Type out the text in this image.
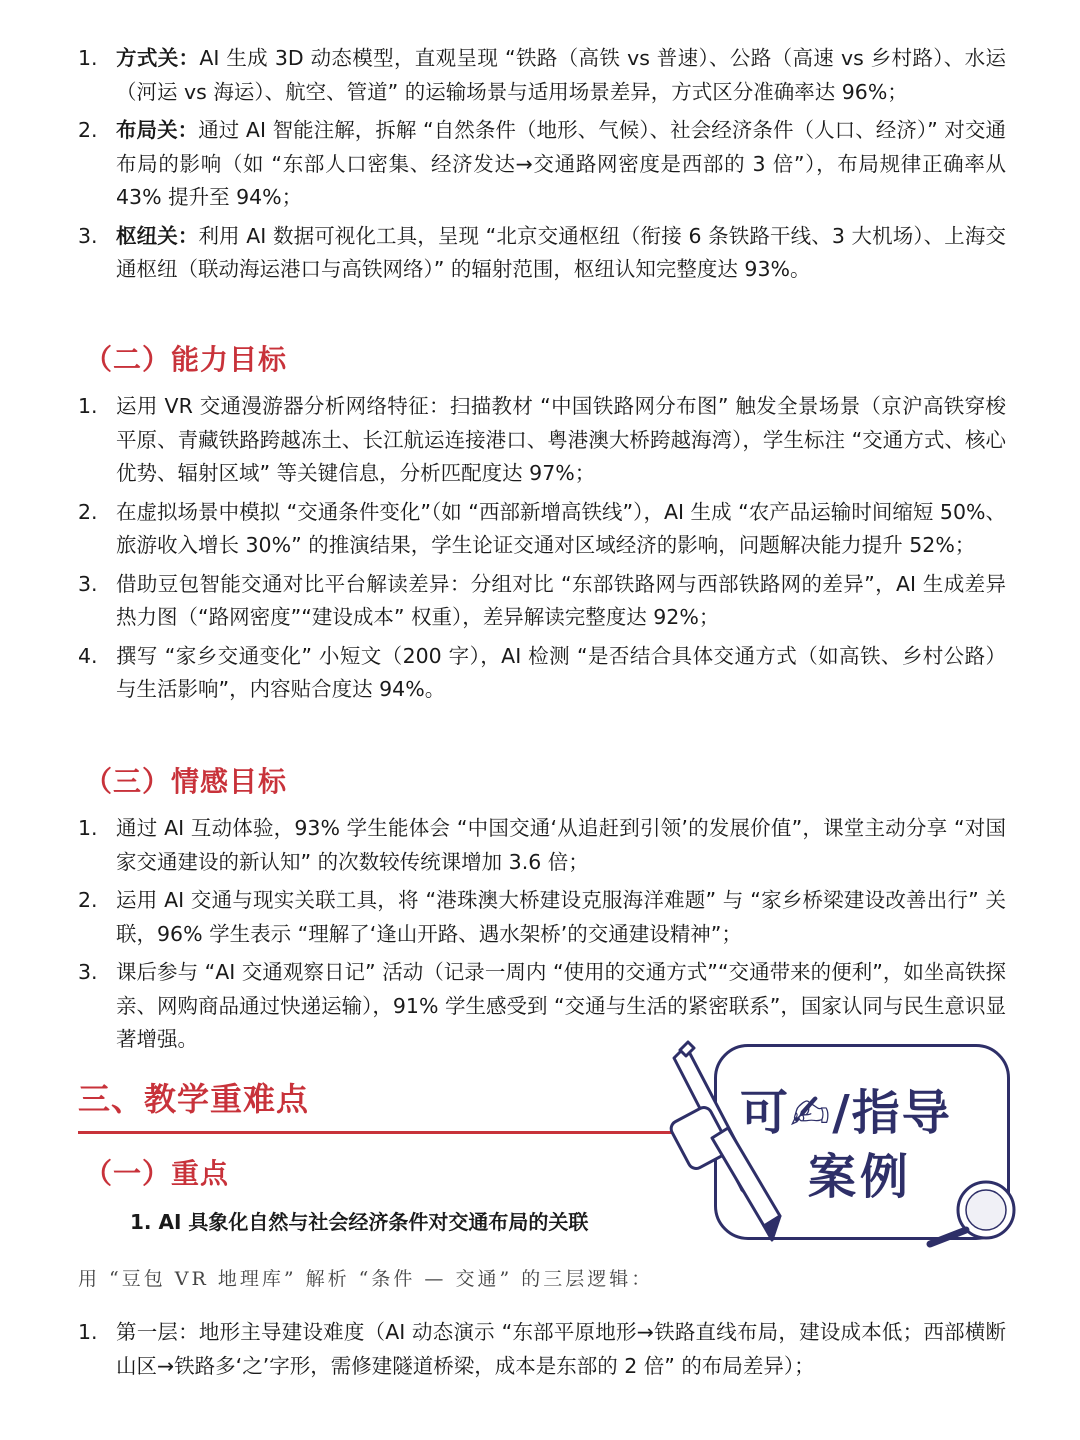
1. 方式关：AI 生成 3D 动态模型，直观呈现 “铁路（高铁 vs 普速）、公路（高速 vs 乡村路）、水运（河运 vs 海运）、航空、管道” 的运输场景与适用场景差异，方式区分准确率达 96%；
2. 布局关：通过 AI 智能注解，拆解 “自然条件（地形、气候）、社会经济条件（人口、经济）” 对交通布局的影响（如 “东部人口密集、经济发达→交通路网密度是西部的 3 倍”），布局规律正确率从 43% 提升至 94%；
3. 枢纽关：利用 AI 数据可视化工具，呈现 “北京交通枢纽（衔接 6 条铁路干线、3 大机场）、上海交通枢纽（联动海运港口与高铁网络）” 的辐射范围，枢纽认知完整度达 93%。
（二）能力目标
1. 运用 VR 交通漫游器分析网络特征：扫描教材 “中国铁路网分布图” 触发全景场景（京沪高铁穿梭平原、青藏铁路跨越冻土、长江航运连接港口、粤港澳大桥跨越海湾），学生标注 “交通方式、核心优势、辐射区域” 等关键信息，分析匹配度达 97%；
2. 在虚拟场景中模拟 “交通条件变化”（如 “西部新增高铁线”），AI 生成 “农产品运输时间缩短 50%、旅游收入增长 30%” 的推演结果，学生论证交通对区域经济的影响，问题解决能力提升 52%；
3. 借助豆包智能交通对比平台解读差异：分组对比 “东部铁路网与西部铁路网的差异”，AI 生成差异热力图（“路网密度”“建设成本” 权重），差异解读完整度达 92%；
4. 撰写 “家乡交通变化” 小短文（200 字），AI 检测 “是否结合具体交通方式（如高铁、乡村公路）与生活影响”，内容贴合度达 94%。
（三）情感目标
1. 通过 AI 互动体验，93% 学生能体会 “中国交通‘从追赶到引领’的发展价值”，课堂主动分享 “对国家交通建设的新认知” 的次数较传统课增加 3.6 倍；
2. 运用 AI 交通与现实关联工具，将 “港珠澳大桥建设克服海洋难题” 与 “家乡桥梁建设改善出行” 关联，96% 学生表示 “理解了‘逢山开路、遇水架桥’的交通建设精神”；
3. 课后参与 “AI 交通观察日记” 活动（记录一周内 “使用的交通方式”“交通带来的便利”，如坐高铁探亲、网购商品通过快递运输），91% 学生感受到 “交通与生活的紧密联系”，国家认同与民生意识显著增强。
三、教学重难点
（一）重点
1. AI 具象化自然与社会经济条件对交通布局的关联
用 “豆包 VR 地理库” 解析 “条件 — 交通” 的三层逻辑：
1. 第一层：地形主导建设难度（AI 动态演示 “东部平原地形→铁路直线布局，建设成本低；西部横断山区→铁路多‘之’字形，需修建隧道桥梁，成本是东部的 2 倍” 的布局差异）；
可✍/指导
案例
